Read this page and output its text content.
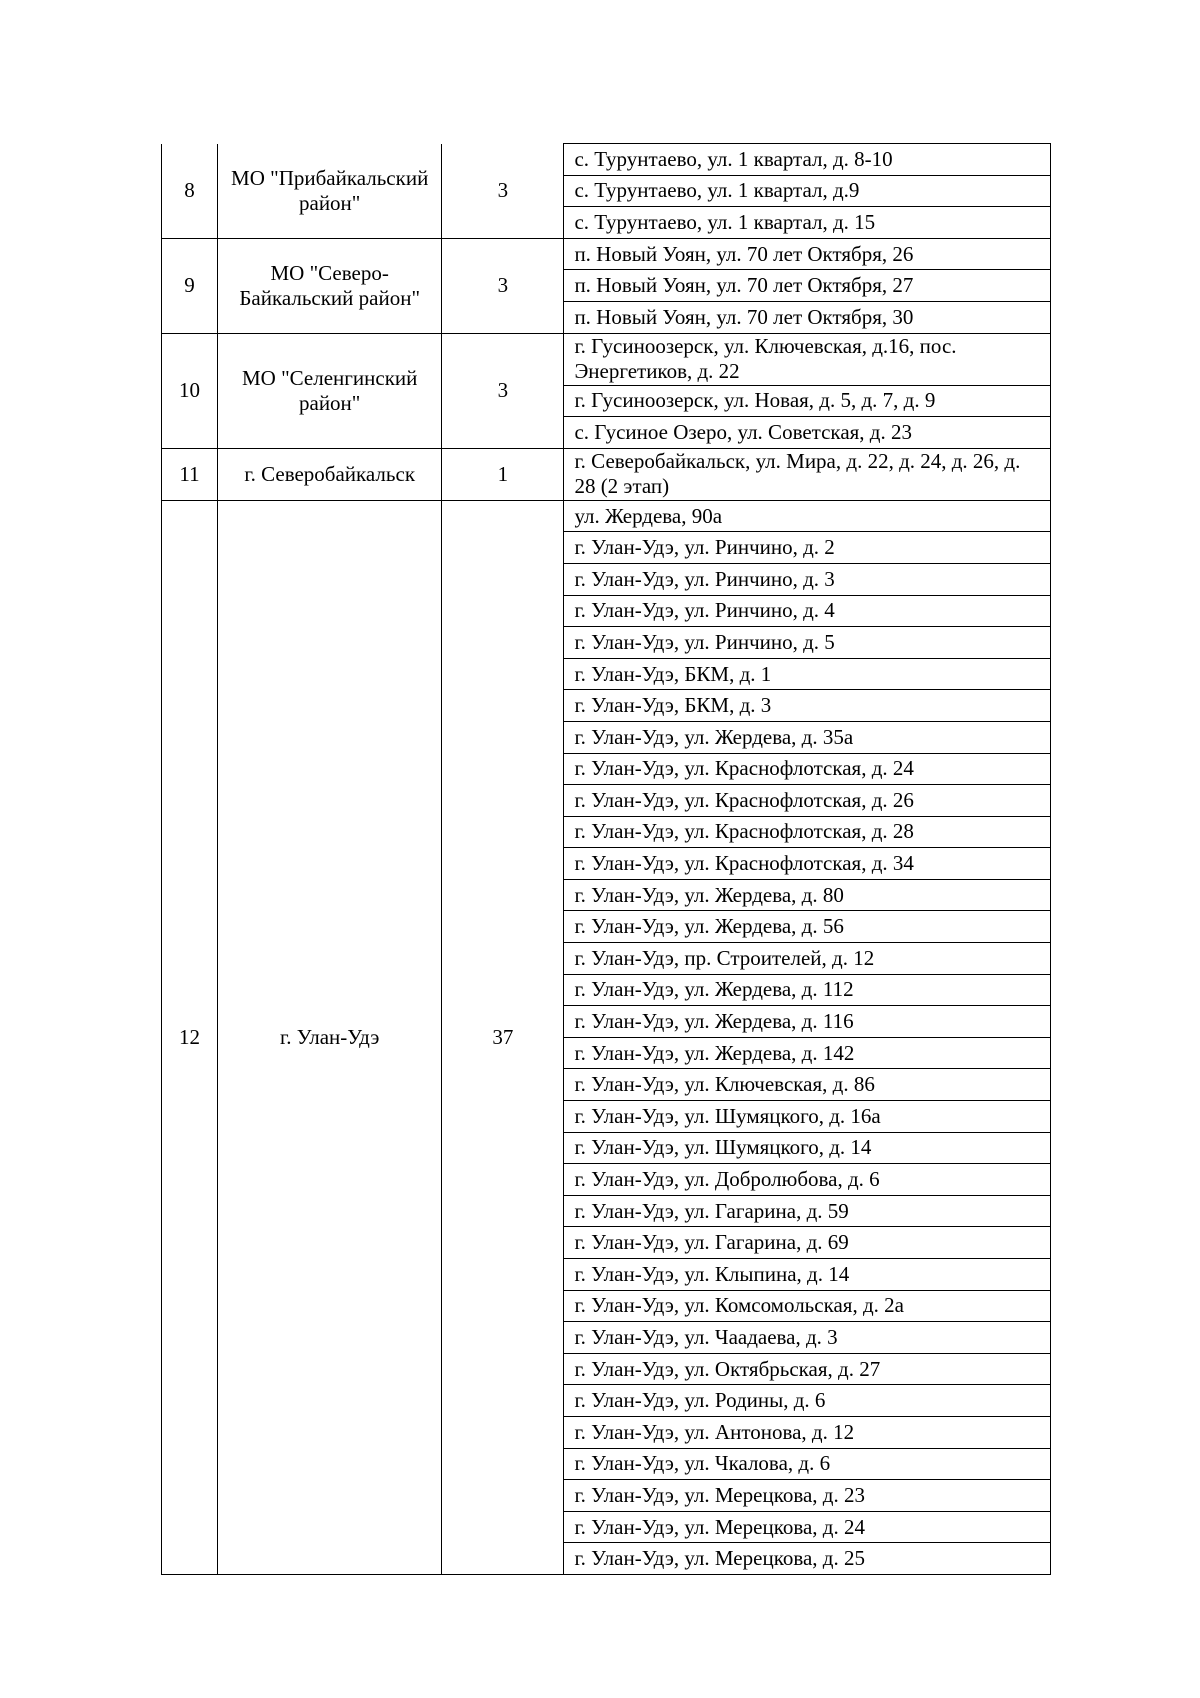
8	МО "Прибайкальский район"	3	с. Турунтаево, ул. 1 квартал, д. 8-10
			с. Турунтаево, ул. 1 квартал, д.9
			с. Турунтаево, ул. 1 квартал, д. 15
9	МО "Северо-Байкальский район"	3	п. Новый Уоян, ул. 70 лет Октября, 26
			п. Новый Уоян, ул. 70 лет Октября, 27
			п. Новый Уоян, ул. 70 лет Октября, 30
10	МО "Селенгинский район"	3	г. Гусиноозерск, ул. Ключевская, д.16, пос. Энергетиков, д. 22
			г. Гусиноозерск, ул. Новая, д. 5, д. 7, д. 9
			с. Гусиное Озеро, ул. Советская, д. 23
11	г. Северобайкальск	1	г. Северобайкальск, ул. Мира, д. 22, д. 24, д. 26, д. 28 (2 этап)
12	г. Улан-Удэ	37	ул. Жердева, 90а
			г. Улан-Удэ, ул. Ринчино, д. 2
			г. Улан-Удэ, ул. Ринчино, д. 3
			г. Улан-Удэ, ул. Ринчино, д. 4
			г. Улан-Удэ, ул. Ринчино, д. 5
			г. Улан-Удэ, БКМ, д. 1
			г. Улан-Удэ, БКМ, д. 3
			г. Улан-Удэ, ул. Жердева, д. 35а
			г. Улан-Удэ, ул. Краснофлотская, д. 24
			г. Улан-Удэ, ул. Краснофлотская, д. 26
			г. Улан-Удэ, ул. Краснофлотская, д. 28
			г. Улан-Удэ, ул. Краснофлотская, д. 34
			г. Улан-Удэ, ул. Жердева, д. 80
			г. Улан-Удэ, ул. Жердева, д. 56
			г. Улан-Удэ, пр. Строителей, д. 12
			г. Улан-Удэ, ул. Жердева, д. 112
			г. Улан-Удэ, ул. Жердева, д. 116
			г. Улан-Удэ, ул. Жердева, д. 142
			г. Улан-Удэ, ул. Ключевская, д. 86
			г. Улан-Удэ, ул. Шумяцкого, д. 16а
			г. Улан-Удэ, ул. Шумяцкого, д. 14
			г. Улан-Удэ, ул. Добролюбова, д. 6
			г. Улан-Удэ, ул. Гагарина, д. 59
			г. Улан-Удэ, ул. Гагарина, д. 69
			г. Улан-Удэ, ул. Клыпина, д. 14
			г. Улан-Удэ, ул. Комсомольская, д. 2а
			г. Улан-Удэ, ул. Чаадаева, д. 3
			г. Улан-Удэ, ул. Октябрьская, д. 27
			г. Улан-Удэ, ул. Родины, д. 6
			г. Улан-Удэ, ул. Антонова, д. 12
			г. Улан-Удэ, ул. Чкалова, д. 6
			г. Улан-Удэ, ул. Мерецкова, д. 23
			г. Улан-Удэ, ул. Мерецкова, д. 24
			г. Улан-Удэ, ул. Мерецкова, д. 25
